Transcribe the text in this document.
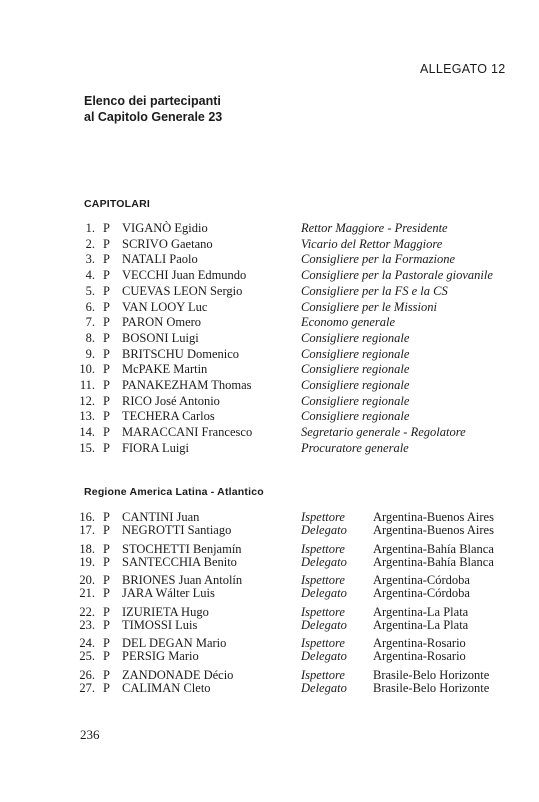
ALLEGATO 12
Elenco dei partecipanti
al Capitolo Generale 23
CAPITOLARI
1. P VIGANÒ Egidio	Rettor Maggiore - Presidente
2. P SCRIVO Gaetano	Vicario del Rettor Maggiore
3. P NATALI Paolo	Consigliere per la Formazione
4. P VECCHI Juan Edmundo	Consigliere per la Pastorale giovanile
5. P CUEVAS LEON Sergio	Consigliere per la FS e la CS
6. P VAN LOOY Luc	Consigliere per le Missioni
7. P PARON Omero	Economo generale
8. P BOSONI Luigi	Consigliere regionale
9. P BRITSCHU Domenico	Consigliere regionale
10. P McPAKE Martin	Consigliere regionale
11. P PANAKEZHAM Thomas	Consigliere regionale
12. P RICO José Antonio	Consigliere regionale
13. P TECHERA Carlos	Consigliere regionale
14. P MARACCANI Francesco	Segretario generale - Regolatore
15. P FIORA Luigi	Procuratore generale
Regione America Latina - Atlantico
16. P CANTINI Juan	Ispettore Argentina-Buenos Aires
17. P NEGROTTI Santiago	Delegato Argentina-Buenos Aires
18. P STOCHETTI Benjamín	Ispettore Argentina-Bahía Blanca
19. P SANTECCHIA Benito	Delegato Argentina-Bahía Blanca
20. P BRIONES Juan Antolín	Ispettore Argentina-Córdoba
21. P JARA Wálter Luis	Delegato Argentina-Córdoba
22. P IZURIETA Hugo	Ispettore Argentina-La Plata
23. P TIMOSSI Luis	Delegato Argentina-La Plata
24. P DEL DEGAN Mario	Ispettore Argentina-Rosario
25. P PERSIG Mario	Delegato Argentina-Rosario
26. P ZANDONADE Décio	Ispettore Brasile-Belo Horizonte
27. P CALIMAN Cleto	Delegato Brasile-Belo Horizonte
236
